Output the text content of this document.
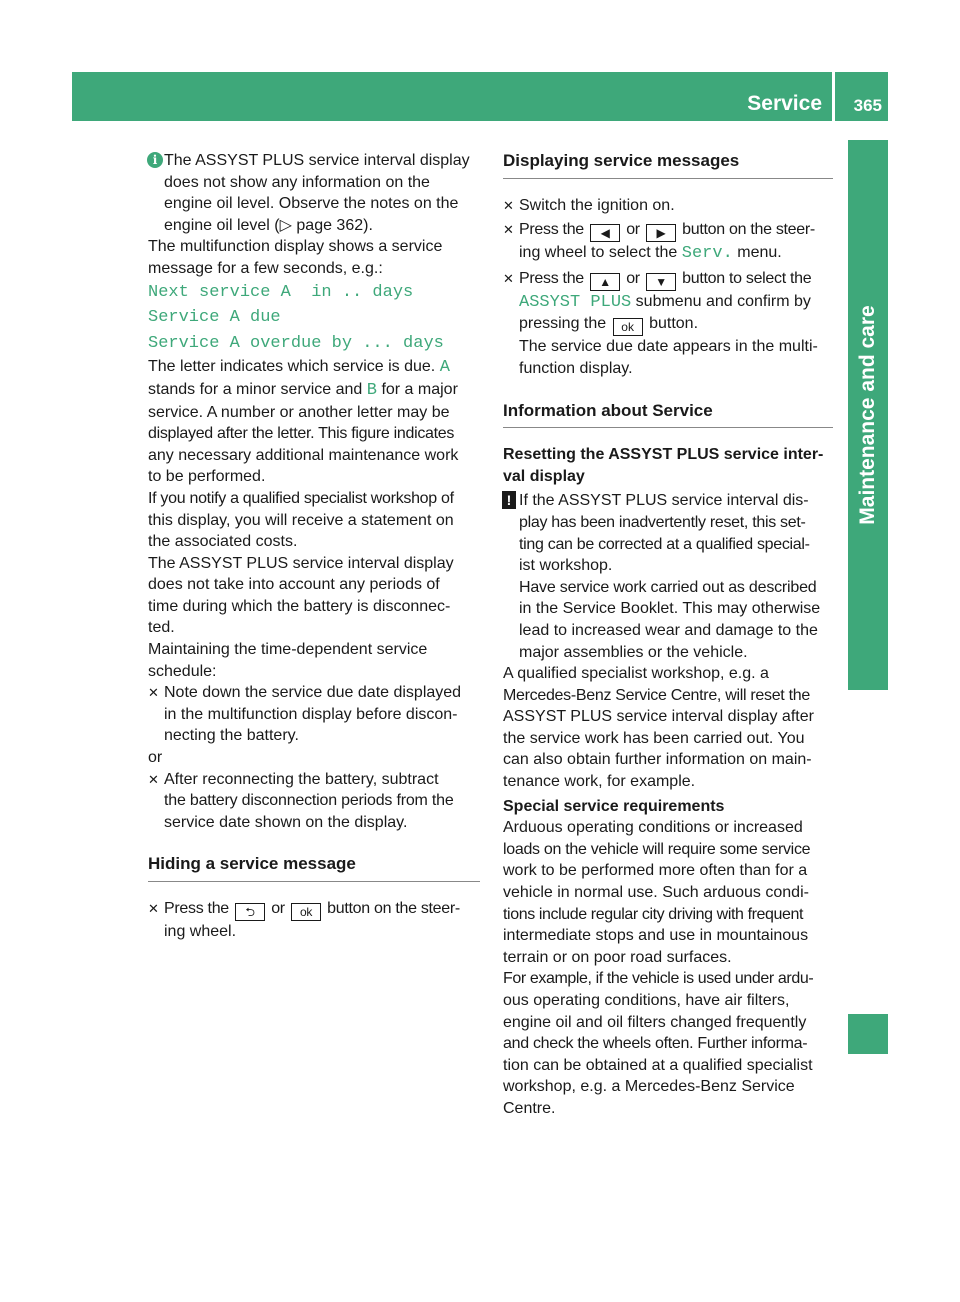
Service 365
Maintenance and care
i The ASSYST PLUS service interval display
does not show any information on the
engine oil level. Observe the notes on the
engine oil level (▷ page 362).
The multifunction display shows a service
message for a few seconds, e.g.:
Next service A  in .. days
Service A due
Service A overdue by ... days
The letter indicates which service is due. A
stands for a minor service and B for a major
service. A number or another letter may be
displayed after the letter. This figure indicates
any necessary additional maintenance work
to be performed.
If you notify a qualified specialist workshop of
this display, you will receive a statement on
the associated costs.
The ASSYST PLUS service interval display
does not take into account any periods of
time during which the battery is disconnec-
ted.
Maintaining the time-dependent service
schedule:
✕ Note down the service due date displayed
in the multifunction display before discon-
necting the battery.
or
✕ After reconnecting the battery, subtract
the battery disconnection periods from the
service date shown on the display.
Hiding a service message
✕ Press the ⮌ or ok button on the steer-
ing wheel.
Displaying service messages
✕ Switch the ignition on.
✕ Press the ◀ or ▶ button on the steer-
ing wheel to select the Serv. menu.
✕ Press the ▲ or ▼ button to select the
ASSYST PLUS submenu and confirm by
pressing the ok button.
The service due date appears in the multi-
function display.
Information about Service
Resetting the ASSYST PLUS service inter-
val display
! If the ASSYST PLUS service interval dis-
play has been inadvertently reset, this set-
ting can be corrected at a qualified special-
ist workshop.
Have service work carried out as described
in the Service Booklet. This may otherwise
lead to increased wear and damage to the
major assemblies or the vehicle.
A qualified specialist workshop, e.g. a
Mercedes-Benz Service Centre, will reset the
ASSYST PLUS service interval display after
the service work has been carried out. You
can also obtain further information on main-
tenance work, for example.
Special service requirements
Arduous operating conditions or increased
loads on the vehicle will require some service
work to be performed more often than for a
vehicle in normal use. Such arduous condi-
tions include regular city driving with frequent
intermediate stops and use in mountainous
terrain or on poor road surfaces.
For example, if the vehicle is used under ardu-
ous operating conditions, have air filters,
engine oil and oil filters changed frequently
and check the wheels often. Further informa-
tion can be obtained at a qualified specialist
workshop, e.g. a Mercedes-Benz Service
Centre.
